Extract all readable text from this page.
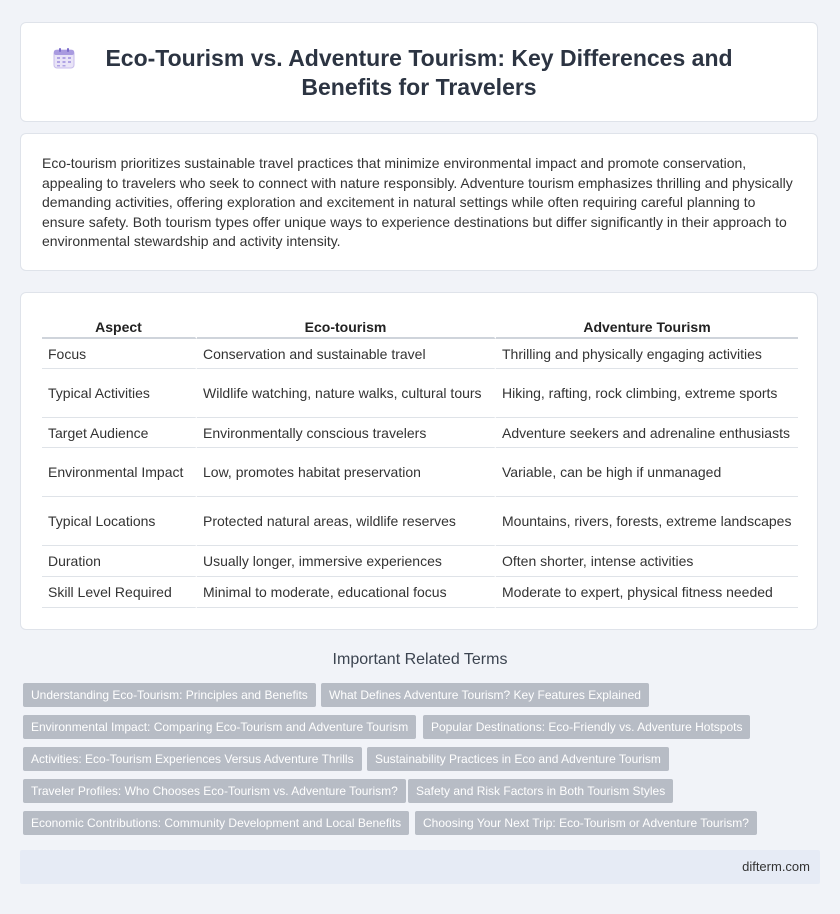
Eco-Tourism vs. Adventure Tourism: Key Differences and Benefits for Travelers

Eco-tourism prioritizes sustainable travel practices that minimize environmental impact and promote conservation, appealing to travelers who seek to connect with nature responsibly. Adventure tourism emphasizes thrilling and physically demanding activities, offering exploration and excitement in natural settings while often requiring careful planning to ensure safety. Both tourism types offer unique ways to experience destinations but differ significantly in their approach to environmental stewardship and activity intensity.

Aspect	Eco-tourism	Adventure Tourism
Focus	Conservation and sustainable travel	Thrilling and physically engaging activities
Typical Activities	Wildlife watching, nature walks, cultural tours	Hiking, rafting, rock climbing, extreme sports
Target Audience	Environmentally conscious travelers	Adventure seekers and adrenaline enthusiasts
Environmental Impact	Low, promotes habitat preservation	Variable, can be high if unmanaged
Typical Locations	Protected natural areas, wildlife reserves	Mountains, rivers, forests, extreme landscapes
Duration	Usually longer, immersive experiences	Often shorter, intense activities
Skill Level Required	Minimal to moderate, educational focus	Moderate to expert, physical fitness needed
Important Related Terms
Understanding Eco-Tourism: Principles and Benefits	What Defines Adventure Tourism? Key Features Explained
Environmental Impact: Comparing Eco-Tourism and Adventure Tourism	Popular Destinations: Eco-Friendly vs. Adventure Hotspots
Activities: Eco-Tourism Experiences Versus Adventure Thrills	Sustainability Practices in Eco and Adventure Tourism
Traveler Profiles: Who Chooses Eco-Tourism vs. Adventure Tourism?	Safety and Risk Factors in Both Tourism Styles
Economic Contributions: Community Development and Local Benefits	Choosing Your Next Trip: Eco-Tourism or Adventure Tourism?
difterm.com
